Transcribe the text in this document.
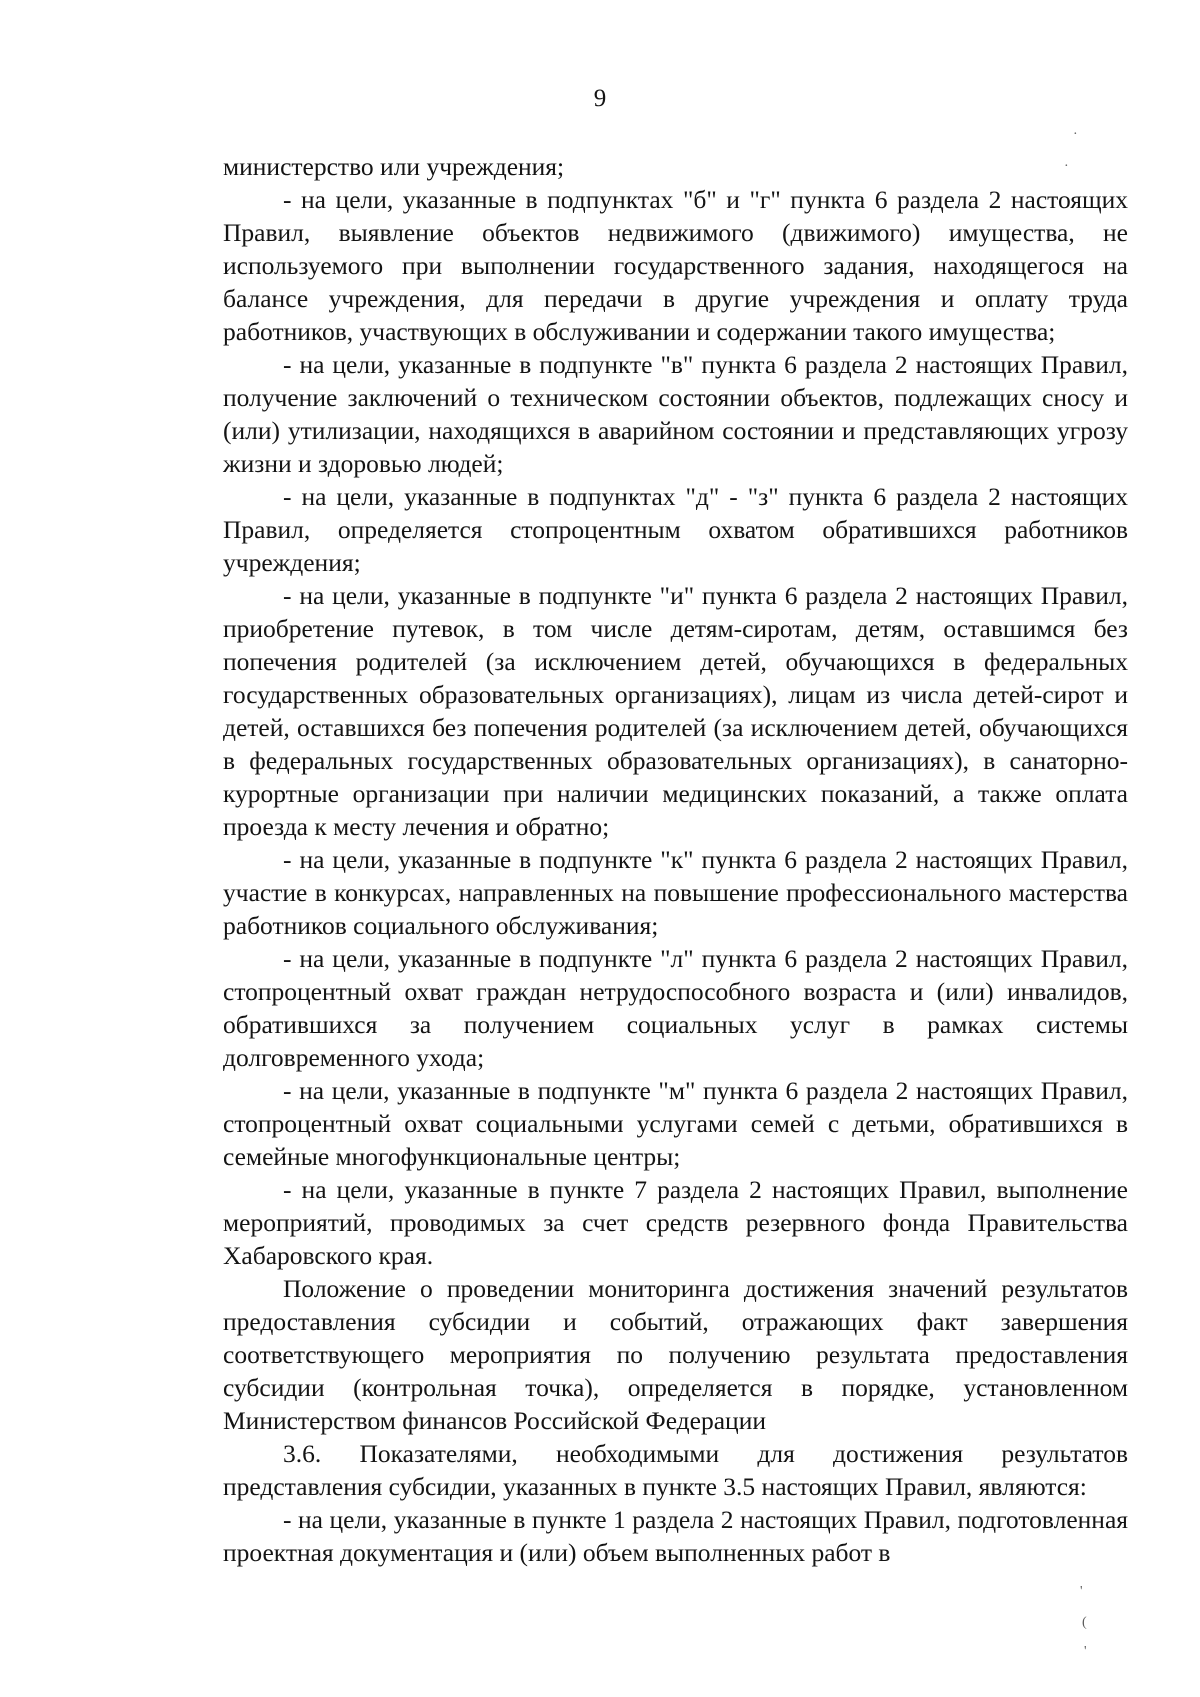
9

министерство или учреждения;

- на цели, указанные в подпунктах "б" и "г" пункта 6 раздела 2 настоящих Правил, выявление объектов недвижимого (движимого) имущества, не используемого при выполнении государственного задания, находящегося на балансе учреждения, для передачи в другие учреждения и оплату труда работников, участвующих в обслуживании и содержании такого имущества;

- на цели, указанные в подпункте "в" пункта 6 раздела 2 настоящих Правил, получение заключений о техническом состоянии объектов, подлежащих сносу и (или) утилизации, находящихся в аварийном состоянии и представляющих угрозу жизни и здоровью людей;

- на цели, указанные в подпунктах "д" - "з" пункта 6 раздела 2 настоящих Правил, определяется стопроцентным охватом обратившихся работников учреждения;

- на цели, указанные в подпункте "и" пункта 6 раздела 2 настоящих Правил, приобретение путевок, в том числе детям-сиротам, детям, оставшимся без попечения родителей (за исключением детей, обучающихся в федеральных государственных образовательных организациях), лицам из числа детей-сирот и детей, оставшихся без попечения родителей (за исключением детей, обучающихся в федеральных государственных образовательных организациях), в санаторно-курортные организации при наличии медицинских показаний, а также оплата проезда к месту лечения и обратно;

- на цели, указанные в подпункте "к" пункта 6 раздела 2 настоящих Правил, участие в конкурсах, направленных на повышение профессионального мастерства работников социального обслуживания;

- на цели, указанные в подпункте "л" пункта 6 раздела 2 настоящих Правил, стопроцентный охват граждан нетрудоспособного возраста и (или) инвалидов, обратившихся за получением социальных услуг в рамках системы долговременного ухода;

- на цели, указанные в подпункте "м" пункта 6 раздела 2 настоящих Правил, стопроцентный охват социальными услугами семей с детьми, обратившихся в семейные многофункциональные центры;

- на цели, указанные в пункте 7 раздела 2 настоящих Правил, выполнение мероприятий, проводимых за счет средств резервного фонда Правительства Хабаровского края.

Положение о проведении мониторинга достижения значений результатов предоставления субсидии и событий, отражающих факт завершения соответствующего мероприятия по получению результата предоставления субсидии (контрольная точка), определяется в порядке, установленном Министерством финансов Российской Федерации

3.6. Показателями, необходимыми для достижения результатов представления субсидии, указанных в пункте 3.5 настоящих Правил, являются:

- на цели, указанные в пункте 1 раздела 2 настоящих Правил, подготовленная проектная документация и (или) объем выполненных работ в

·
·
'
(
'
